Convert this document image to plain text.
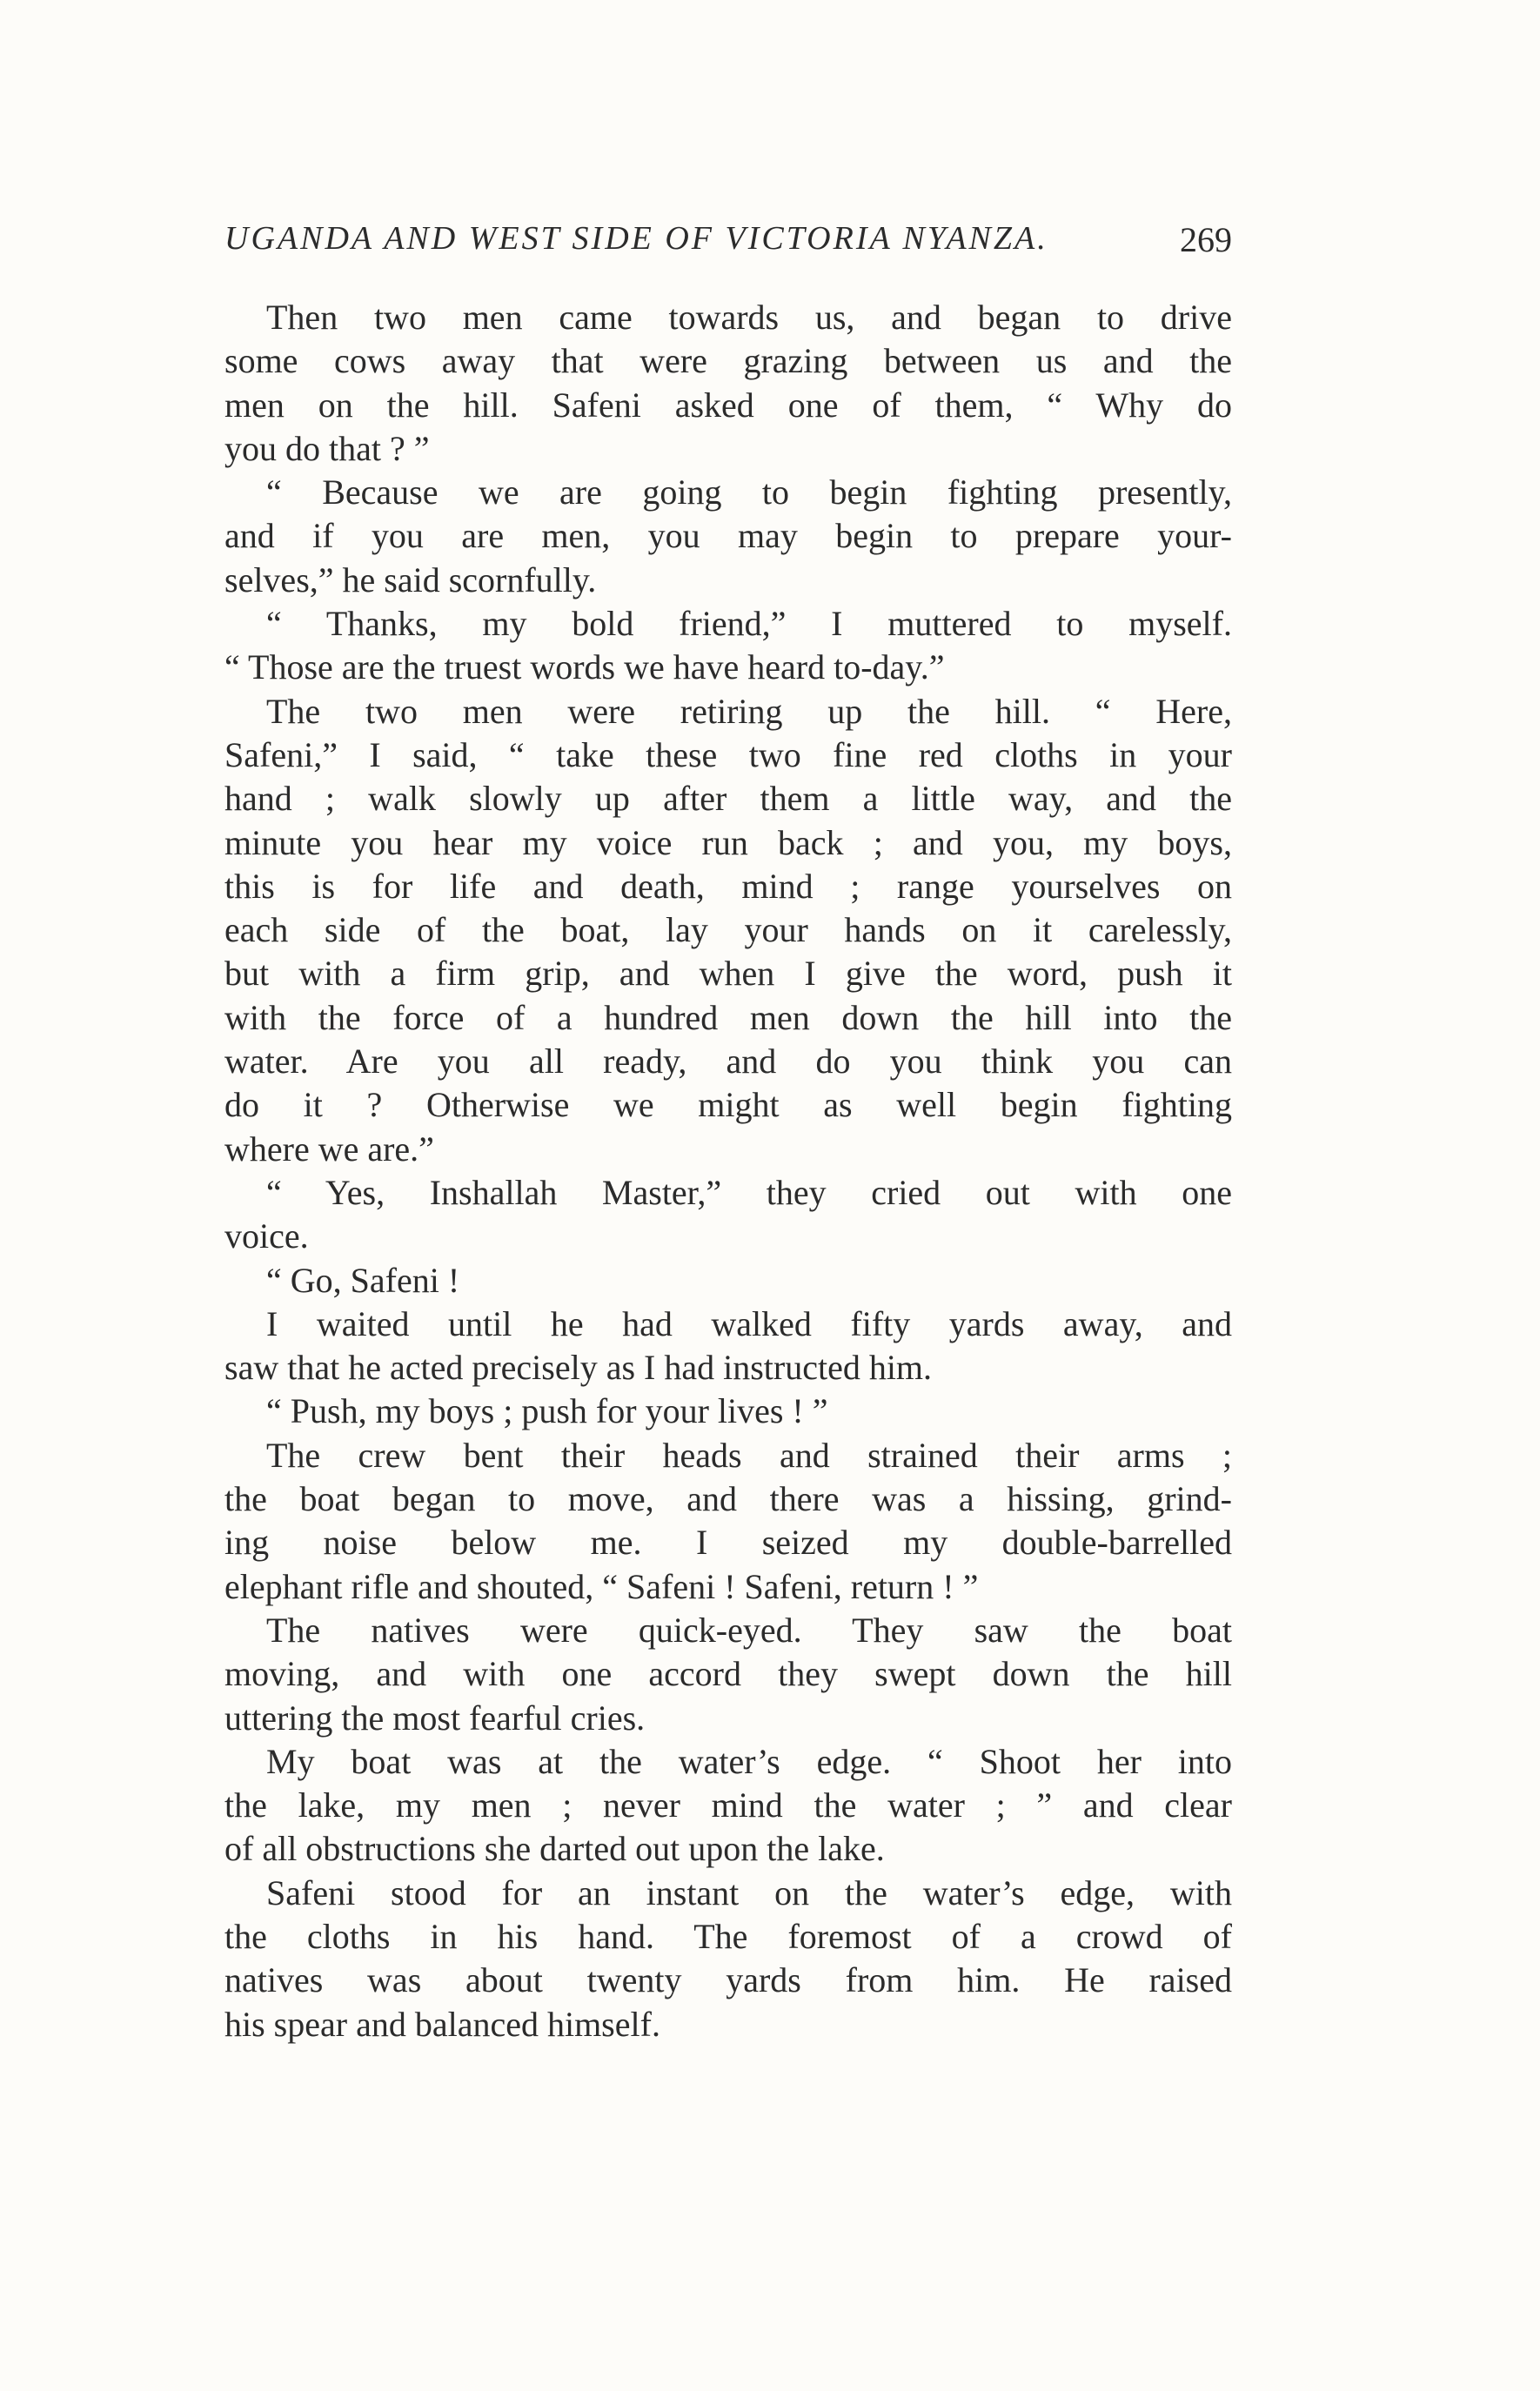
UGANDA AND WEST SIDE OF VICTORIA NYANZA.	269
Then two men came towards us, and began to drive
some cows away that were grazing between us and the
men on the hill. Safeni asked one of them, “ Why do
you do that ? ”
“ Because we are going to begin fighting presently,
and if you are men, you may begin to prepare your-
selves,” he said scornfully.
“ Thanks, my bold friend,” I muttered to myself.
“ Those are the truest words we have heard to-day.”
The two men were retiring up the hill. “ Here,
Safeni,” I said, “ take these two fine red cloths in your
hand ; walk slowly up after them a little way, and the
minute you hear my voice run back ; and you, my boys,
this is for life and death, mind ; range yourselves on
each side of the boat, lay your hands on it carelessly,
but with a firm grip, and when I give the word, push it
with the force of a hundred men down the hill into the
water. Are you all ready, and do you think you can
do it ? Otherwise we might as well begin fighting
where we are.”
“ Yes, Inshallah Master,” they cried out with one
voice.
“ Go, Safeni !
I waited until he had walked fifty yards away, and
saw that he acted precisely as I had instructed him.
“ Push, my boys ; push for your lives ! ”
The crew bent their heads and strained their arms ;
the boat began to move, and there was a hissing, grind-
ing noise below me. I seized my double-barrelled
elephant rifle and shouted, “ Safeni ! Safeni, return ! ”
The natives were quick-eyed. They saw the boat
moving, and with one accord they swept down the hill
uttering the most fearful cries.
My boat was at the water’s edge. “ Shoot her into
the lake, my men ; never mind the water ; ” and clear
of all obstructions she darted out upon the lake.
Safeni stood for an instant on the water’s edge, with
the cloths in his hand. The foremost of a crowd of
natives was about twenty yards from him. He raised
his spear and balanced himself.
